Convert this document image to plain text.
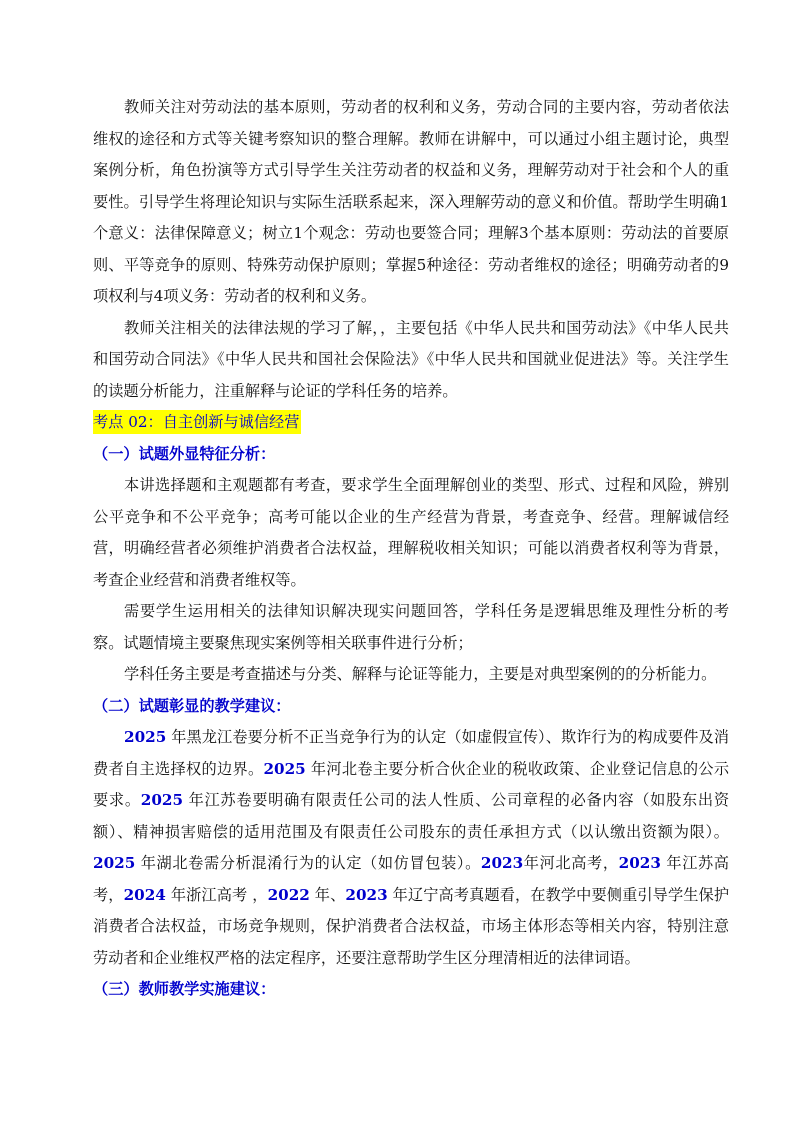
教师关注对劳动法的基本原则，劳动者的权利和义务，劳动合同的主要内容，劳动者依法维权的途径和方式等关键考察知识的整合理解。教师在讲解中，可以通过小组主题讨论，典型案例分析，角色扮演等方式引导学生关注劳动者的权益和义务，理解劳动对于社会和个人的重要性。引导学生将理论知识与实际生活联系起来，深入理解劳动的意义和价值。帮助学生明确1个意义：法律保障意义；树立1个观念：劳动也要签合同；理解3个基本原则：劳动法的首要原则、平等竞争的原则、特殊劳动保护原则；掌握5种途径：劳动者维权的途径；明确劳动者的9项权利与4项义务：劳动者的权利和义务。

教师关注相关的法律法规的学习了解，，主要包括《中华人民共和国劳动法》《中华人民共和国劳动合同法》《中华人民共和国社会保险法》《中华人民共和国就业促进法》等。关注学生的读题分析能力，注重解释与论证的学科任务的培养。

考点 02：自主创新与诚信经营

（一）试题外显特征分析：

本讲选择题和主观题都有考查，要求学生全面理解创业的类型、形式、过程和风险，辨别公平竞争和不公平竞争；高考可能以企业的生产经营为背景，考查竞争、经营。理解诚信经营，明确经营者必须维护消费者合法权益，理解税收相关知识；可能以消费者权利等为背景，考查企业经营和消费者维权等。

需要学生运用相关的法律知识解决现实问题回答，学科任务是逻辑思维及理性分析的考察。试题情境主要聚焦现实案例等相关联事件进行分析；

学科任务主要是考查描述与分类、解释与论证等能力，主要是对典型案例的的分析能力。

（二）试题彰显的教学建议：

2025 年黑龙江卷要分析不正当竞争行为的认定（如虚假宣传）、欺诈行为的构成要件及消费者自主选择权的边界。2025 年河北卷主要分析合伙企业的税收政策、企业登记信息的公示要求。2025 年江苏卷要明确有限责任公司的法人性质、公司章程的必备内容（如股东出资额）、精神损害赔偿的适用范围及有限责任公司股东的责任承担方式（以认缴出资额为限）。2025 年湖北卷需分析混淆行为的认定（如仿冒包装）。2023年河北高考，2023 年江苏高考，2024 年浙江高考 ，2022 年、2023 年辽宁高考真题看，在教学中要侧重引导学生保护消费者合法权益，市场竞争规则，保护消费者合法权益，市场主体形态等相关内容，特别注意劳动者和企业维权严格的法定程序，还要注意帮助学生区分理清相近的法律词语。

（三）教师教学实施建议：
